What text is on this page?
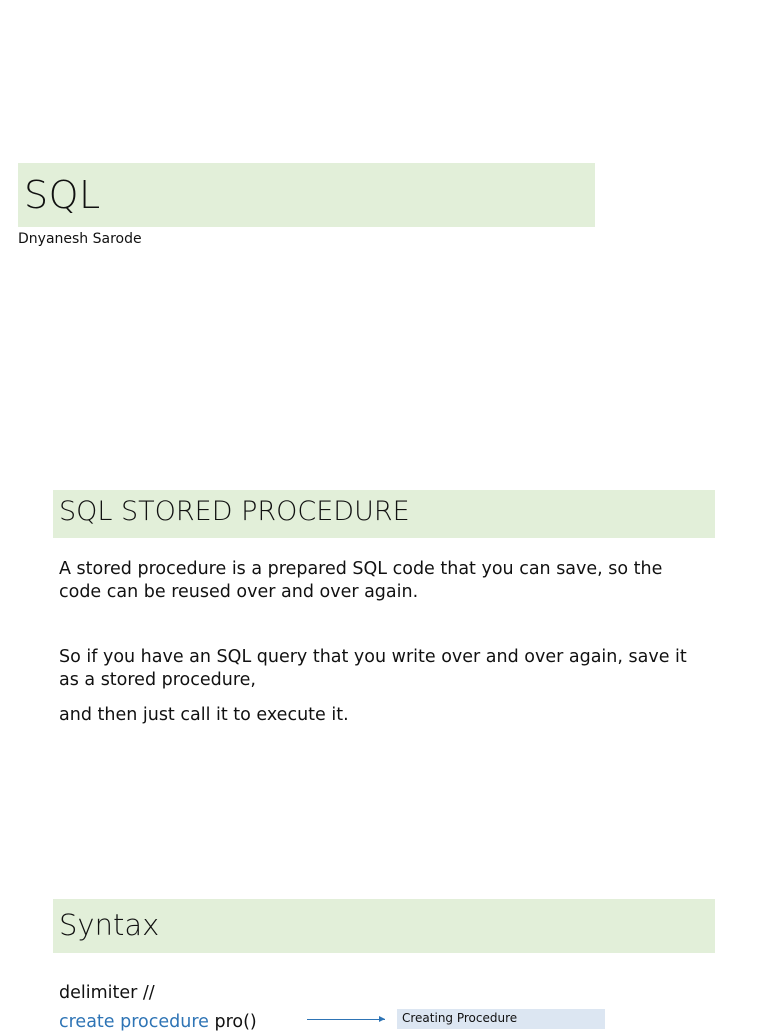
SQL
Dnyanesh Sarode
SQL STORED PROCEDURE
A stored procedure is a prepared SQL code that you can save, so the code can be reused over and over again.
So if you have an SQL query that you write over and over again, save it as a stored procedure,
and then just call it to execute it.
Syntax
delimiter //
create procedure pro()	Creating Procedure
